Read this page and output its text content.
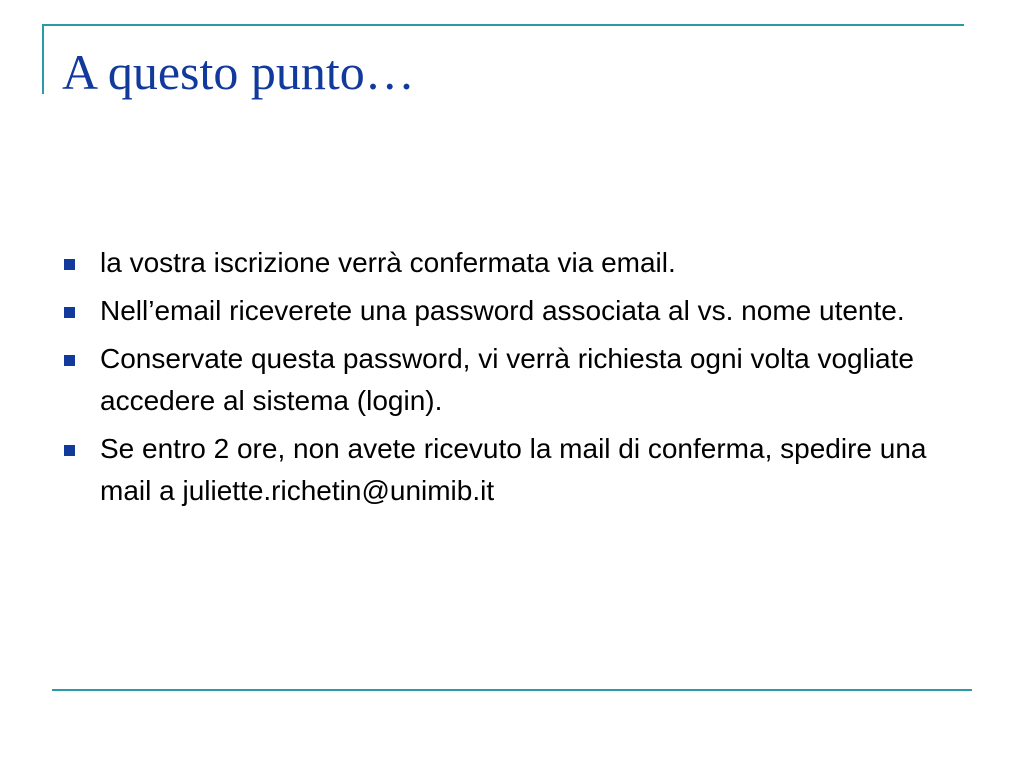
A questo punto…
la vostra iscrizione verrà confermata via email.
Nell’email riceverete una password associata al vs. nome utente.
Conservate questa password, vi verrà richiesta ogni volta vogliate accedere al sistema (login).
Se entro 2 ore, non avete ricevuto la mail di conferma, spedire una mail a juliette.richetin@unimib.it
